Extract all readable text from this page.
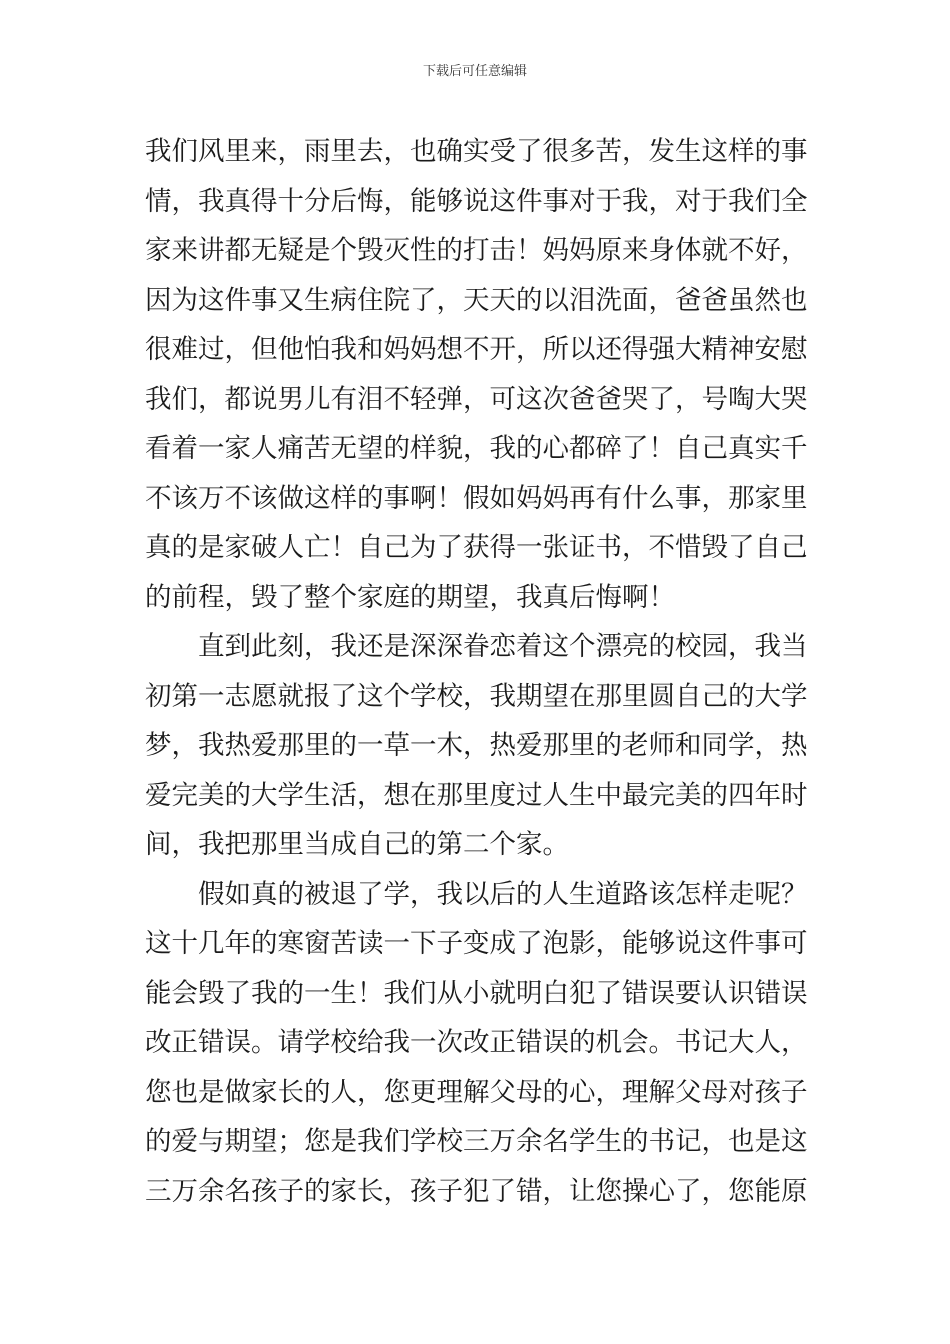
下载后可任意编辑
我们风里来，雨里去，也确实受了很多苦，发生这样的事
情，我真得十分后悔，能够说这件事对于我，对于我们全
家来讲都无疑是个毁灭性的打击！妈妈原来身体就不好，
因为这件事又生病住院了，天天的以泪洗面，爸爸虽然也
很难过，但他怕我和妈妈想不开，所以还得强大精神安慰
我们，都说男儿有泪不轻弹，可这次爸爸哭了，号啕大哭
看着一家人痛苦无望的样貌，我的心都碎了！自己真实千
不该万不该做这样的事啊！假如妈妈再有什么事，那家里
真的是家破人亡！自己为了获得一张证书，不惜毁了自己
的前程，毁了整个家庭的期望，我真后悔啊！
直到此刻，我还是深深眷恋着这个漂亮的校园，我当
初第一志愿就报了这个学校，我期望在那里圆自己的大学
梦，我热爱那里的一草一木，热爱那里的老师和同学，热
爱完美的大学生活，想在那里度过人生中最完美的四年时
间，我把那里当成自己的第二个家。
假如真的被退了学，我以后的人生道路该怎样走呢？
这十几年的寒窗苦读一下子变成了泡影，能够说这件事可
能会毁了我的一生！我们从小就明白犯了错误要认识错误
改正错误。请学校给我一次改正错误的机会。书记大人，
您也是做家长的人，您更理解父母的心，理解父母对孩子
的爱与期望；您是我们学校三万余名学生的书记，也是这
三万余名孩子的家长，孩子犯了错，让您操心了，您能原
